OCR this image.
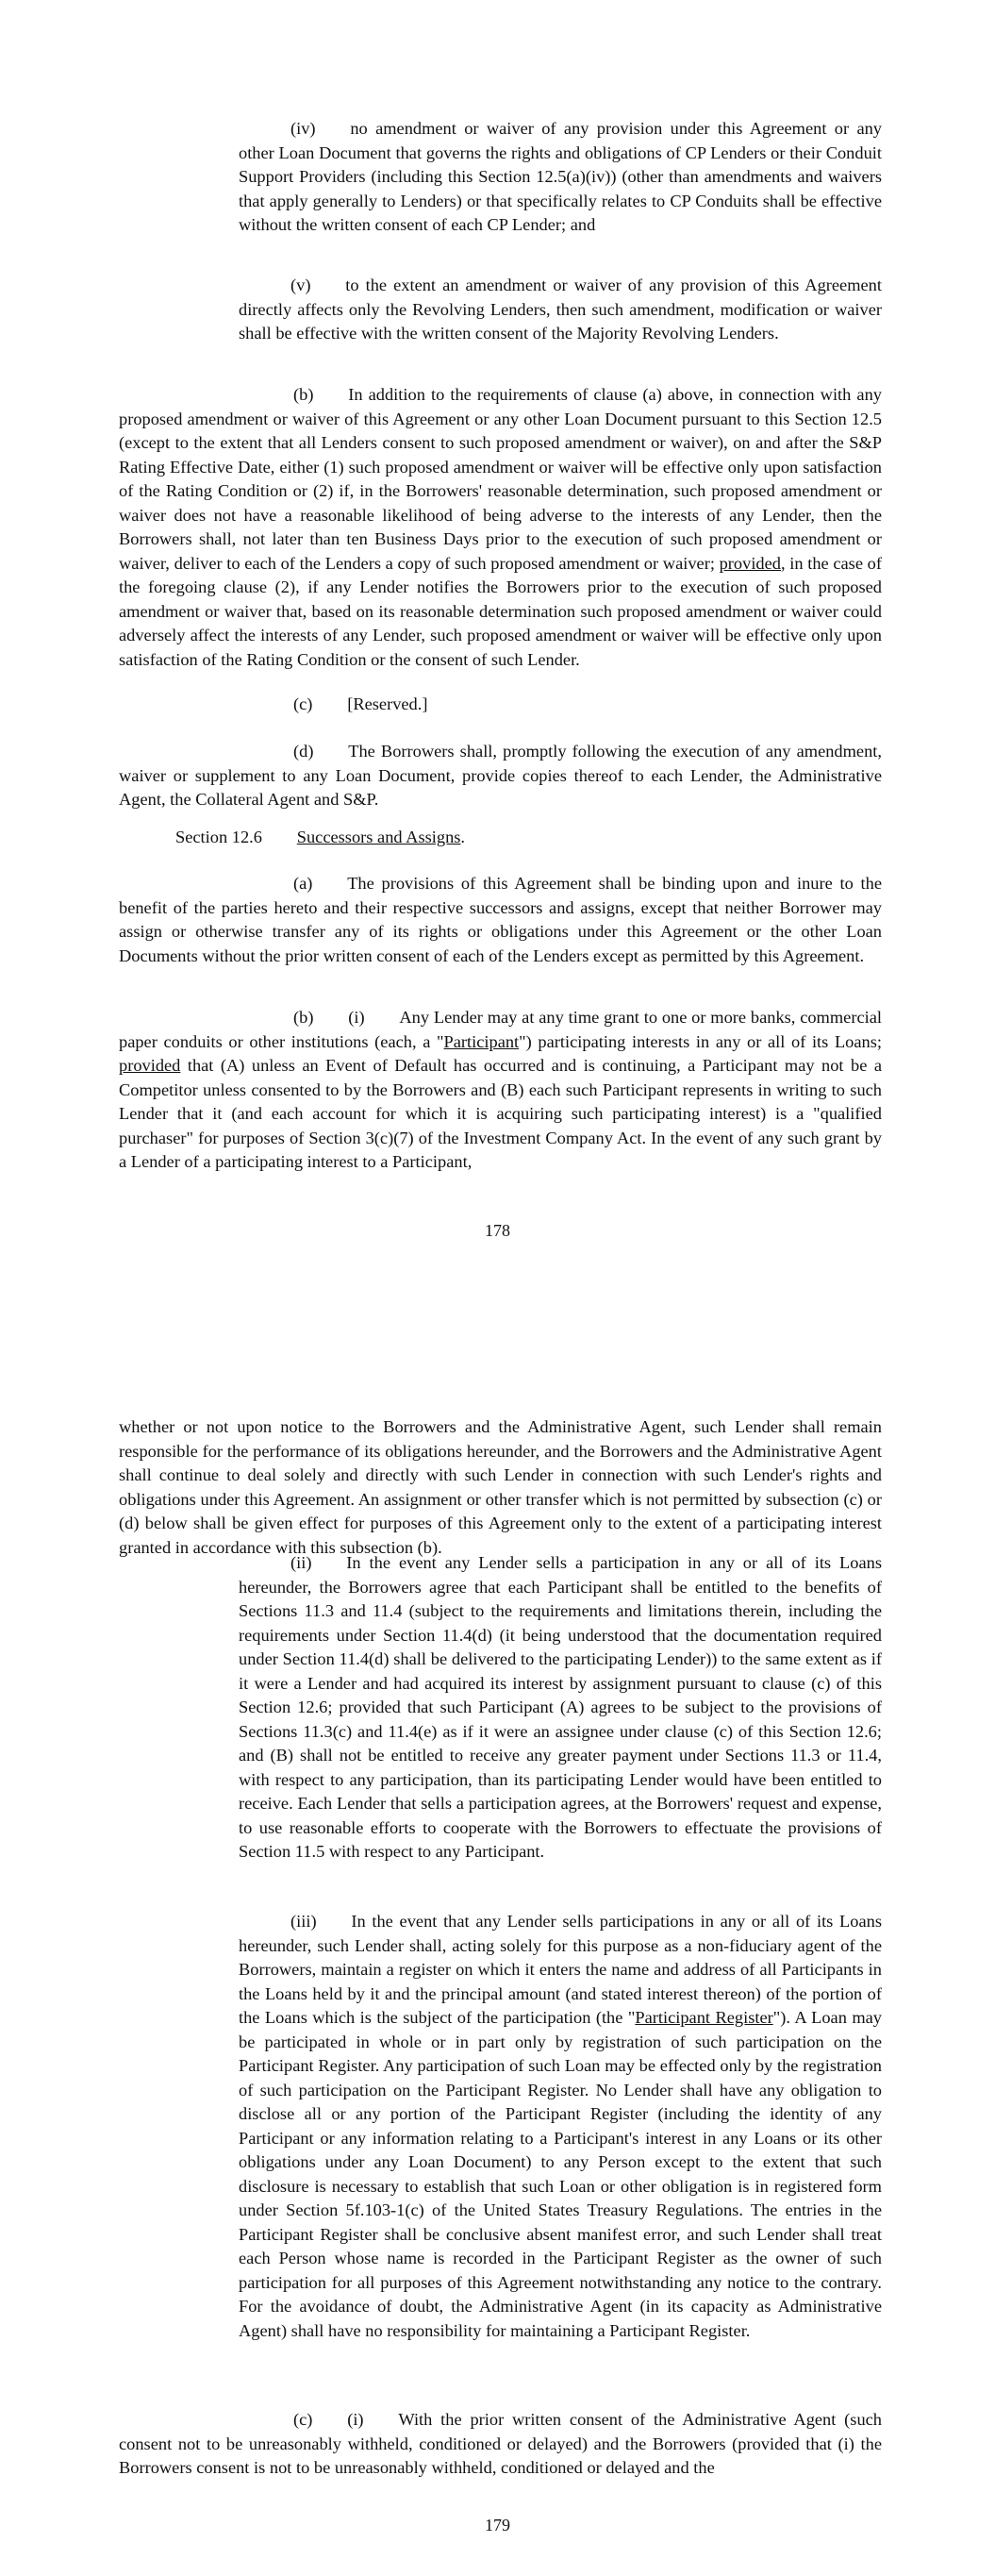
(iv)  no amendment or waiver of any provision under this Agreement or any other Loan Document that governs the rights and obligations of CP Lenders or their Conduit Support Providers (including this Section 12.5(a)(iv)) (other than amendments and waivers that apply generally to Lenders) or that specifically relates to CP Conduits shall be effective without the written consent of each CP Lender; and

(v)  to the extent an amendment or waiver of any provision of this Agreement directly affects only the Revolving Lenders, then such amendment, modification or waiver shall be effective with the written consent of the Majority Revolving Lenders.

(b)  In addition to the requirements of clause (a) above, in connection with any proposed amendment or waiver of this Agreement or any other Loan Document pursuant to this Section 12.5 (except to the extent that all Lenders consent to such proposed amendment or waiver), on and after the S&P Rating Effective Date, either (1) such proposed amendment or waiver will be effective only upon satisfaction of the Rating Condition or (2) if, in the Borrowers' reasonable determination, such proposed amendment or waiver does not have a reasonable likelihood of being adverse to the interests of any Lender, then the Borrowers shall, not later than ten Business Days prior to the execution of such proposed amendment or waiver, deliver to each of the Lenders a copy of such proposed amendment or waiver; provided, in the case of the foregoing clause (2), if any Lender notifies the Borrowers prior to the execution of such proposed amendment or waiver that, based on its reasonable determination such proposed amendment or waiver could adversely affect the interests of any Lender, such proposed amendment or waiver will be effective only upon satisfaction of the Rating Condition or the consent of such Lender.

(c)  [Reserved.]

(d)  The Borrowers shall, promptly following the execution of any amendment, waiver or supplement to any Loan Document, provide copies thereof to each Lender, the Administrative Agent, the Collateral Agent and S&P.

Section 12.6  Successors and Assigns.

(a)  The provisions of this Agreement shall be binding upon and inure to the benefit of the parties hereto and their respective successors and assigns, except that neither Borrower may assign or otherwise transfer any of its rights or obligations under this Agreement or the other Loan Documents without the prior written consent of each of the Lenders except as permitted by this Agreement.

(b)  (i)  Any Lender may at any time grant to one or more banks, commercial paper conduits or other institutions (each, a "Participant") participating interests in any or all of its Loans; provided that (A) unless an Event of Default has occurred and is continuing, a Participant may not be a Competitor unless consented to by the Borrowers and (B) each such Participant represents in writing to such Lender that it (and each account for which it is acquiring such participating interest) is a "qualified purchaser" for purposes of Section 3(c)(7) of the Investment Company Act. In the event of any such grant by a Lender of a participating interest to a Participant,

178

whether or not upon notice to the Borrowers and the Administrative Agent, such Lender shall remain responsible for the performance of its obligations hereunder, and the Borrowers and the Administrative Agent shall continue to deal solely and directly with such Lender in connection with such Lender's rights and obligations under this Agreement. An assignment or other transfer which is not permitted by subsection (c) or (d) below shall be given effect for purposes of this Agreement only to the extent of a participating interest granted in accordance with this subsection (b).

(ii)  In the event any Lender sells a participation in any or all of its Loans hereunder, the Borrowers agree that each Participant shall be entitled to the benefits of Sections 11.3 and 11.4 (subject to the requirements and limitations therein, including the requirements under Section 11.4(d) (it being understood that the documentation required under Section 11.4(d) shall be delivered to the participating Lender)) to the same extent as if it were a Lender and had acquired its interest by assignment pursuant to clause (c) of this Section 12.6; provided that such Participant (A) agrees to be subject to the provisions of Sections 11.3(c) and 11.4(e) as if it were an assignee under clause (c) of this Section 12.6; and (B) shall not be entitled to receive any greater payment under Sections 11.3 or 11.4, with respect to any participation, than its participating Lender would have been entitled to receive. Each Lender that sells a participation agrees, at the Borrowers' request and expense, to use reasonable efforts to cooperate with the Borrowers to effectuate the provisions of Section 11.5 with respect to any Participant.

(iii)  In the event that any Lender sells participations in any or all of its Loans hereunder, such Lender shall, acting solely for this purpose as a non-fiduciary agent of the Borrowers, maintain a register on which it enters the name and address of all Participants in the Loans held by it and the principal amount (and stated interest thereon) of the portion of the Loans which is the subject of the participation (the "Participant Register"). A Loan may be participated in whole or in part only by registration of such participation on the Participant Register. Any participation of such Loan may be effected only by the registration of such participation on the Participant Register. No Lender shall have any obligation to disclose all or any portion of the Participant Register (including the identity of any Participant or any information relating to a Participant's interest in any Loans or its other obligations under any Loan Document) to any Person except to the extent that such disclosure is necessary to establish that such Loan or other obligation is in registered form under Section 5f.103-1(c) of the United States Treasury Regulations. The entries in the Participant Register shall be conclusive absent manifest error, and such Lender shall treat each Person whose name is recorded in the Participant Register as the owner of such participation for all purposes of this Agreement notwithstanding any notice to the contrary. For the avoidance of doubt, the Administrative Agent (in its capacity as Administrative Agent) shall have no responsibility for maintaining a Participant Register.

(c)  (i)  With the prior written consent of the Administrative Agent (such consent not to be unreasonably withheld, conditioned or delayed) and the Borrowers (provided that (i) the Borrowers consent is not to be unreasonably withheld, conditioned or delayed and the

179
